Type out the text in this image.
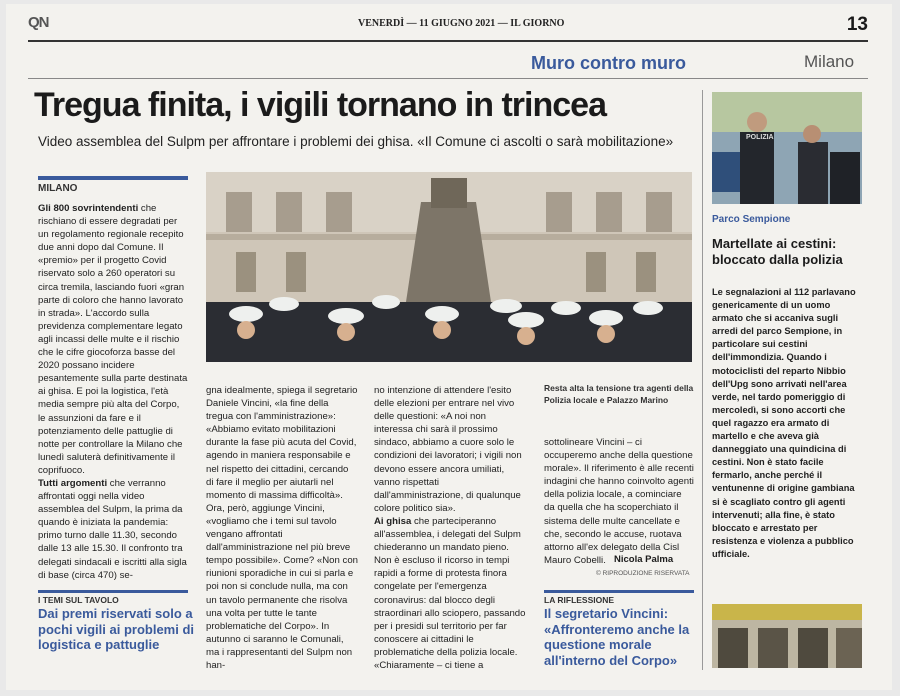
QN	VENERDÌ — 11 GIUGNO 2021 — IL GIORNO	13
Muro contro muro	Milano
Tregua finita, i vigili tornano in trincea
Video assemblea del Sulpm per affrontare i problemi dei ghisa. «Il Comune ci ascolti o sarà mobilitazione»
MILANO

Gli 800 sovrintendenti che rischiano di essere degradati per un regolamento regionale recepito due anni dopo dal Comune. Il «premio» per il progetto Covid riservato solo a 260 operatori su circa tremila, lasciando fuori «gran parte di coloro che hanno lavorato in strada». L'accordo sulla previdenza complementare legato agli incassi delle multe e il rischio che le cifre giocoforza basse del 2020 possano incidere pesantemente sulla parte destinata ai ghisa. E poi la logistica, l'età media sempre più alta del Corpo, le assunzioni da fare e il potenziamento delle pattuglie di notte per controllare la Milano che lunedì saluterà definitivamente il coprifuoco.

Tutti argomenti che verranno affrontati oggi nella video assemblea del Sulpm, la prima da quando è iniziata la pandemia: primo turno dalle 11.30, secondo dalle 13 alle 15.30. Il confronto tra delegati sindacali e iscritti alla sigla di base (circa 470) se-

gna idealmente, spiega il segretario Daniele Vincini, «la fine della tregua con l'amministrazione»: «Abbiamo evitato mobilitazioni durante la fase più acuta del Covid, agendo in maniera responsabile e nel rispetto dei cittadini, cercando di fare il meglio per aiutarli nel momento di massima difficoltà». Ora, però, aggiunge Vincini, «vogliamo che i temi sul tavolo vengano affrontati dall'amministrazione nel più breve tempo possibile». Come? «Non con riunioni sporadiche in cui si parla e poi non si conclude nulla, ma con un tavolo permanente che risolva una volta per tutte le tante problematiche del Corpo». In autunno ci saranno le Comunali, ma i rappresentanti del Sulpm non han-

no intenzione di attendere l'esito delle elezioni per entrare nel vivo delle questioni: «A noi non interessa chi sarà il prossimo sindaco, abbiamo a cuore solo le condizioni dei lavoratori; i vigili non devono essere ancora umiliati, vanno rispettati dall'amministrazione, di qualunque colore politico sia».

Ai ghisa che parteciperanno all'assemblea, i delegati del Sulpm chiederanno un mandato pieno. Non è escluso il ricorso in tempi rapidi a forme di protesta finora congelate per l'emergenza coronavirus: dal blocco degli straordinari allo sciopero, passando per i presidi sul territorio per far conoscere ai cittadini le problematiche della polizia locale. «Chiaramente – ci tiene a

Resta alta la tensione tra agenti della Polizia locale e Palazzo Marino

sottolineare Vincini – ci occuperemo anche della questione morale». Il riferimento è alle recenti indagini che hanno coinvolto agenti della polizia locale, a cominciare da quella che ha scoperchiato il sistema delle multe cancellate e che, secondo le accuse, ruotava attorno all'ex delegato della Cisl Mauro Cobelli. Nicola Palma
© RIPRODUZIONE RISERVATA
I TEMI SUL TAVOLO
Dai premi riservati solo a pochi vigili ai problemi di logistica e pattuglie
LA RIFLESSIONE
Il segretario Vincini: «Affronteremo anche la questione morale all'interno del Corpo»
POLIZIA
Parco Sempione
Martellate ai cestini: bloccato dalla polizia
Le segnalazioni al 112 parlavano genericamente di un uomo armato che si accaniva sugli arredi del parco Sempione, in particolare sui cestini dell'immondizia. Quando i motociclisti del reparto Nibbio dell'Upg sono arrivati nell'area verde, nel tardo pomeriggio di mercoledì, si sono accorti che quel ragazzo era armato di martello e che aveva già danneggiato una quindicina di cestini. Non è stato facile fermarlo, anche perché il ventunenne di origine gambiana si è scagliato contro gli agenti intervenuti; alla fine, è stato bloccato e arrestato per resistenza e violenza a pubblico ufficiale.
